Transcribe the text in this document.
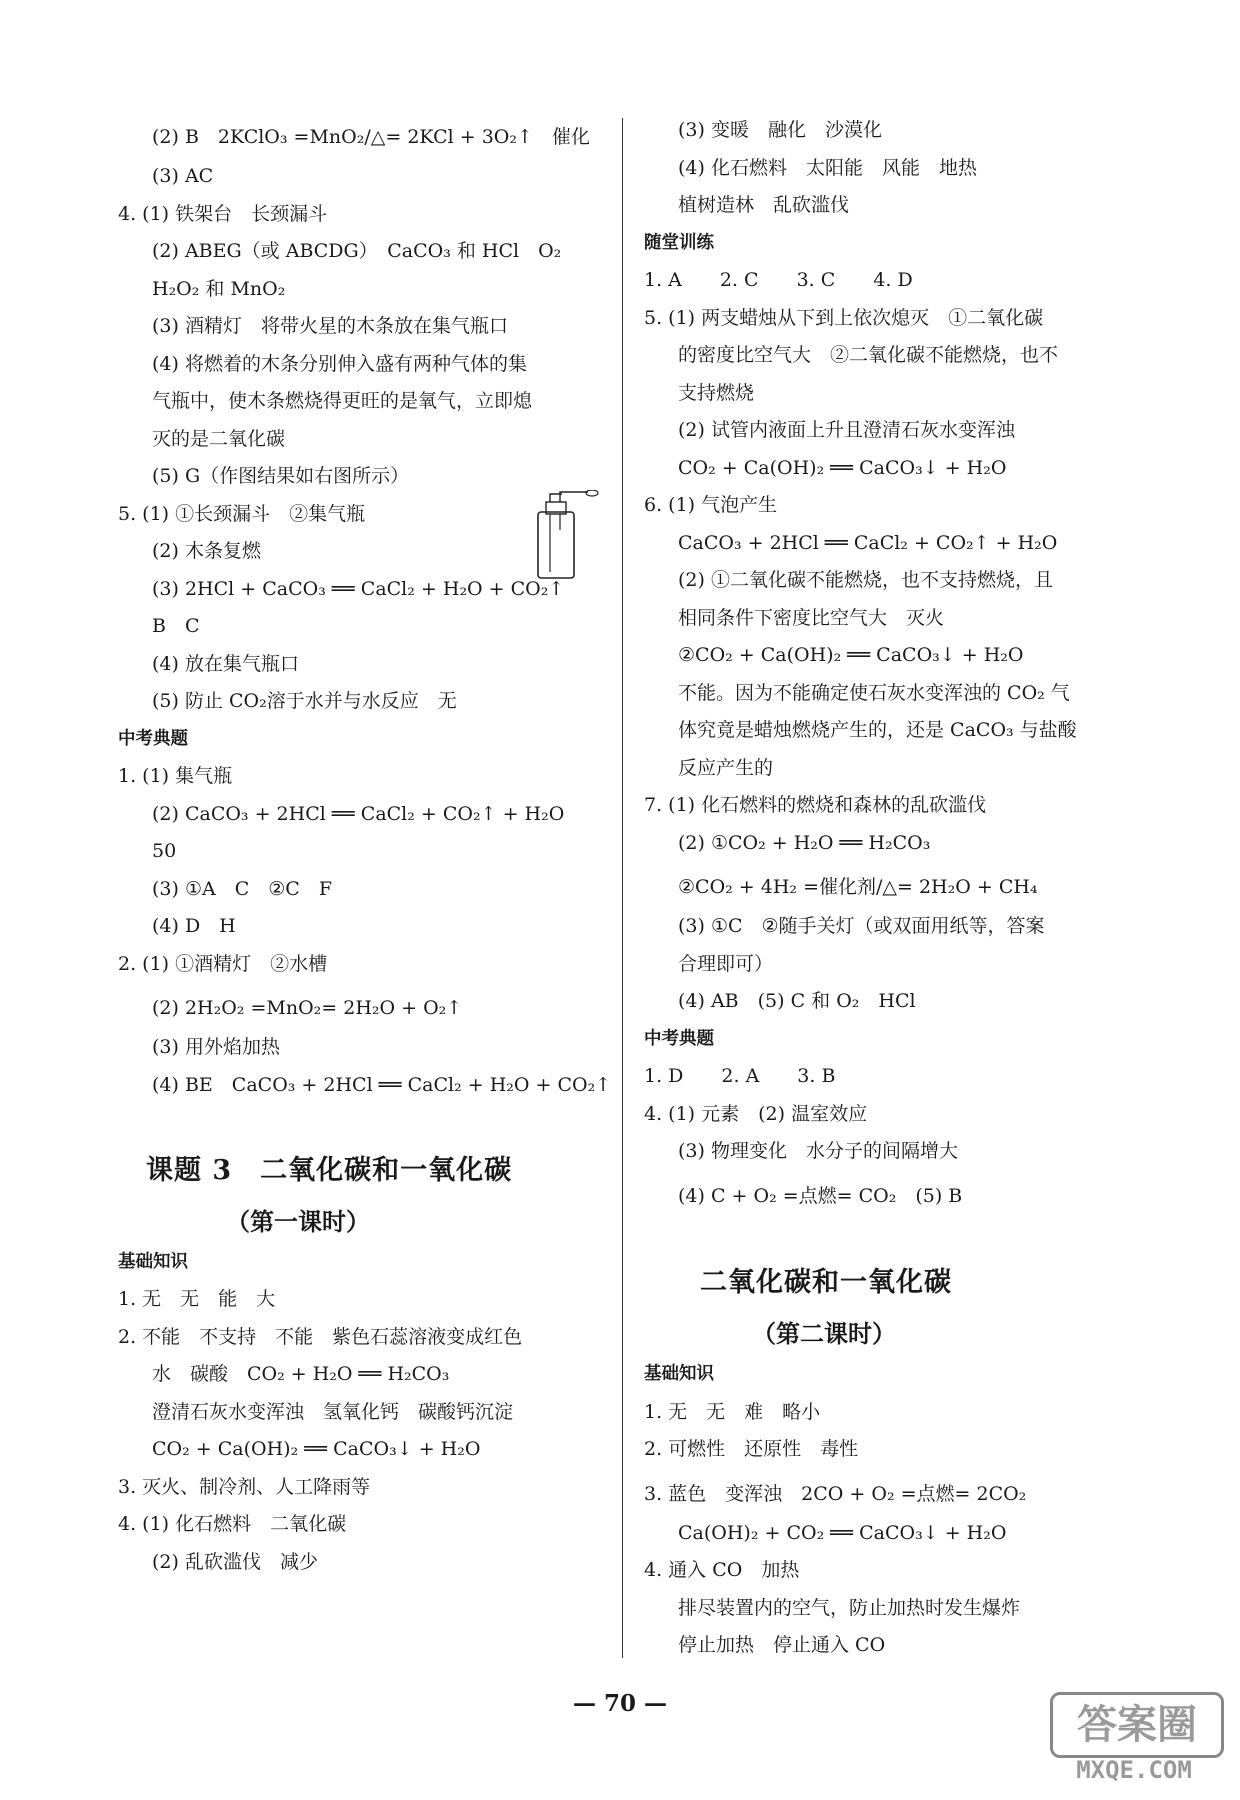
(2) B　2KClO₃ =MnO₂/△= 2KCl + 3O₂↑　催化
(3) AC
4. (1) 铁架台　长颈漏斗
(2) ABEG（或 ABCDG）　CaCO₃ 和 HCl　O₂
H₂O₂ 和 MnO₂
(3) 酒精灯　将带火星的木条放在集气瓶口
(4) 将燃着的木条分别伸入盛有两种气体的集
气瓶中，使木条燃烧得更旺的是氧气，立即熄
灭的是二氧化碳
(5) G（作图结果如右图所示）
5. (1) ①长颈漏斗　②集气瓶
(2) 木条复燃
(3) 2HCl + CaCO₃ ══ CaCl₂ + H₂O + CO₂↑
B　C
(4) 放在集气瓶口
(5) 防止 CO₂溶于水并与水反应　无
中考典题
1. (1) 集气瓶
(2) CaCO₃ + 2HCl ══ CaCl₂ + CO₂↑ + H₂O
50
(3) ①A　C　②C　F
(4) D　H
2. (1) ①酒精灯　②水槽
(2) 2H₂O₂ =MnO₂= 2H₂O + O₂↑
(3) 用外焰加热
(4) BE　CaCO₃ + 2HCl ══ CaCl₂ + H₂O + CO₂↑
　课题 3　二氧化碳和一氧化碳
　　　　　（第一课时）
基础知识
1. 无　无　能　大
2. 不能　不支持　不能　紫色石蕊溶液变成红色
水　碳酸　CO₂ + H₂O ══ H₂CO₃
澄清石灰水变浑浊　氢氧化钙　碳酸钙沉淀
CO₂ + Ca(OH)₂ ══ CaCO₃↓ + H₂O
3. 灭火、制冷剂、人工降雨等
4. (1) 化石燃料　二氧化碳
(2) 乱砍滥伐　减少
(3) 变暖　融化　沙漠化
(4) 化石燃料　太阳能　风能　地热
植树造林　乱砍滥伐
随堂训练
1. A　　2. C　　3. C　　4. D
5. (1) 两支蜡烛从下到上依次熄灭　①二氧化碳
的密度比空气大　②二氧化碳不能燃烧，也不
支持燃烧
(2) 试管内液面上升且澄清石灰水变浑浊
CO₂ + Ca(OH)₂ ══ CaCO₃↓ + H₂O
6. (1) 气泡产生
CaCO₃ + 2HCl ══ CaCl₂ + CO₂↑ + H₂O
(2) ①二氧化碳不能燃烧，也不支持燃烧，且
相同条件下密度比空气大　灭火
②CO₂ + Ca(OH)₂ ══ CaCO₃↓ + H₂O
不能。因为不能确定使石灰水变浑浊的 CO₂ 气
体究竟是蜡烛燃烧产生的，还是 CaCO₃ 与盐酸
反应产生的
7. (1) 化石燃料的燃烧和森林的乱砍滥伐
(2) ①CO₂ + H₂O ══ H₂CO₃
②CO₂ + 4H₂ =催化剂/△= 2H₂O + CH₄
(3) ①C　②随手关灯（或双面用纸等，答案
合理即可）
(4) AB　(5) C 和 O₂　HCl
中考典题
1. D　　2. A　　3. B
4. (1) 元素　(2) 温室效应
(3) 物理变化　水分子的间隔增大
(4) C + O₂ =点燃= CO₂　(5) B
　　二氧化碳和一氧化碳
　　　　　（第二课时）
基础知识
1. 无　无　难　略小
2. 可燃性　还原性　毒性
3. 蓝色　变浑浊　2CO + O₂ =点燃= 2CO₂
Ca(OH)₂ + CO₂ ══ CaCO₃↓ + H₂O
4. 通入 CO　加热
排尽装置内的空气，防止加热时发生爆炸
停止加热　停止通入 CO
— 70 —	答案圈
MXQE.COM
